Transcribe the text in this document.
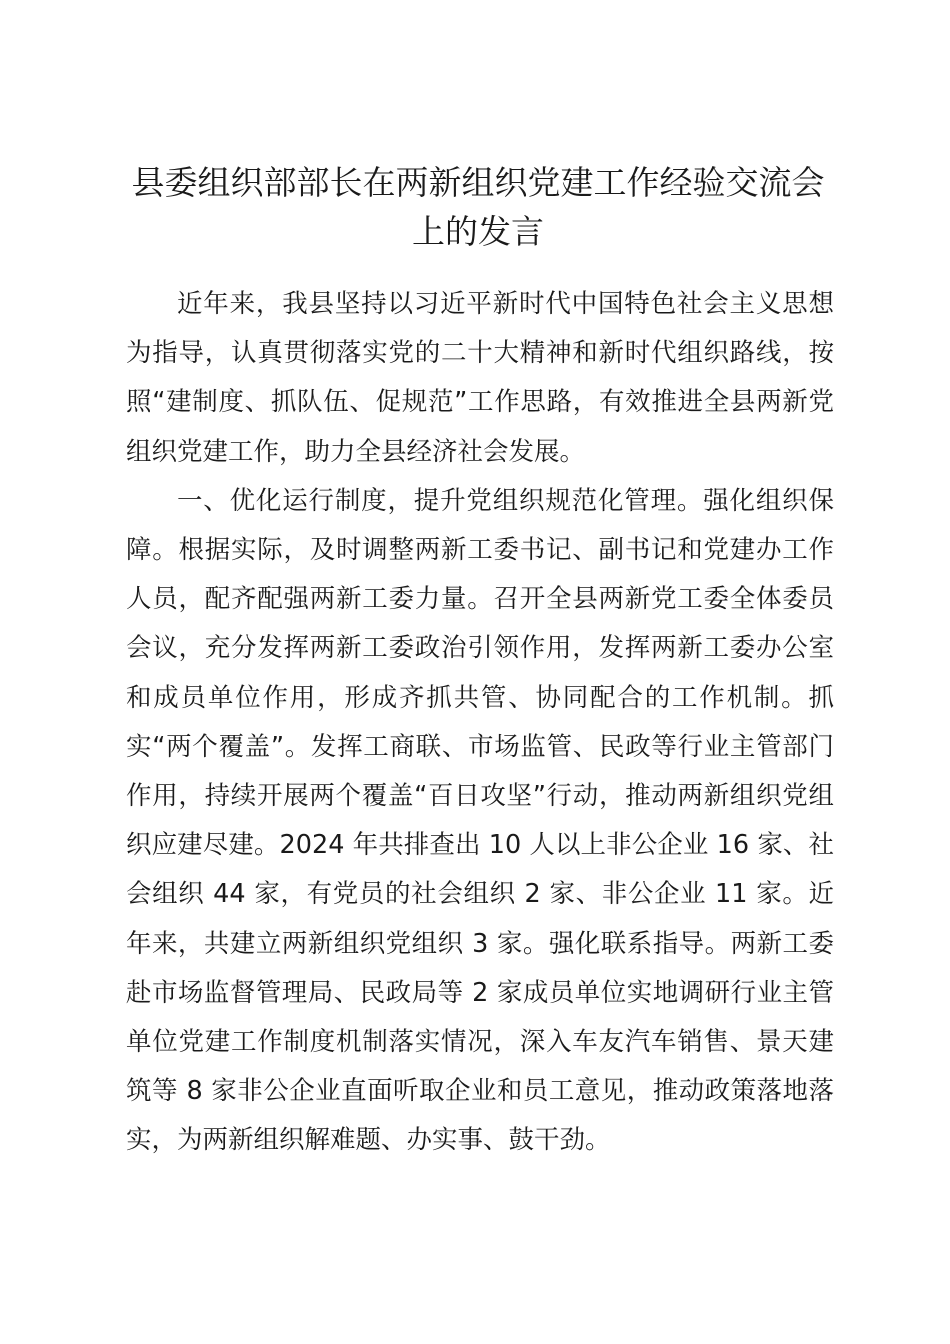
县委组织部部长在两新组织党建工作经验交流会上的发言

近年来，我县坚持以习近平新时代中国特色社会主义思想为指导，认真贯彻落实党的二十大精神和新时代组织路线，按照“建制度、抓队伍、促规范”工作思路，有效推进全县两新党组织党建工作，助力全县经济社会发展。

一、优化运行制度，提升党组织规范化管理。强化组织保障。根据实际，及时调整两新工委书记、副书记和党建办工作人员，配齐配强两新工委力量。召开全县两新党工委全体委员会议，充分发挥两新工委政治引领作用，发挥两新工委办公室和成员单位作用，形成齐抓共管、协同配合的工作机制。抓实“两个覆盖”。发挥工商联、市场监管、民政等行业主管部门作用，持续开展两个覆盖“百日攻坚”行动，推动两新组织党组织应建尽建。2024 年共排查出 10 人以上非公企业 16 家、社会组织 44 家，有党员的社会组织 2 家、非公企业 11 家。近年来，共建立两新组织党组织 3 家。强化联系指导。两新工委赴市场监督管理局、民政局等 2 家成员单位实地调研行业主管单位党建工作制度机制落实情况，深入车友汽车销售、景天建筑等 8 家非公企业直面听取企业和员工意见，推动政策落地落实，为两新组织解难题、办实事、鼓干劲。
